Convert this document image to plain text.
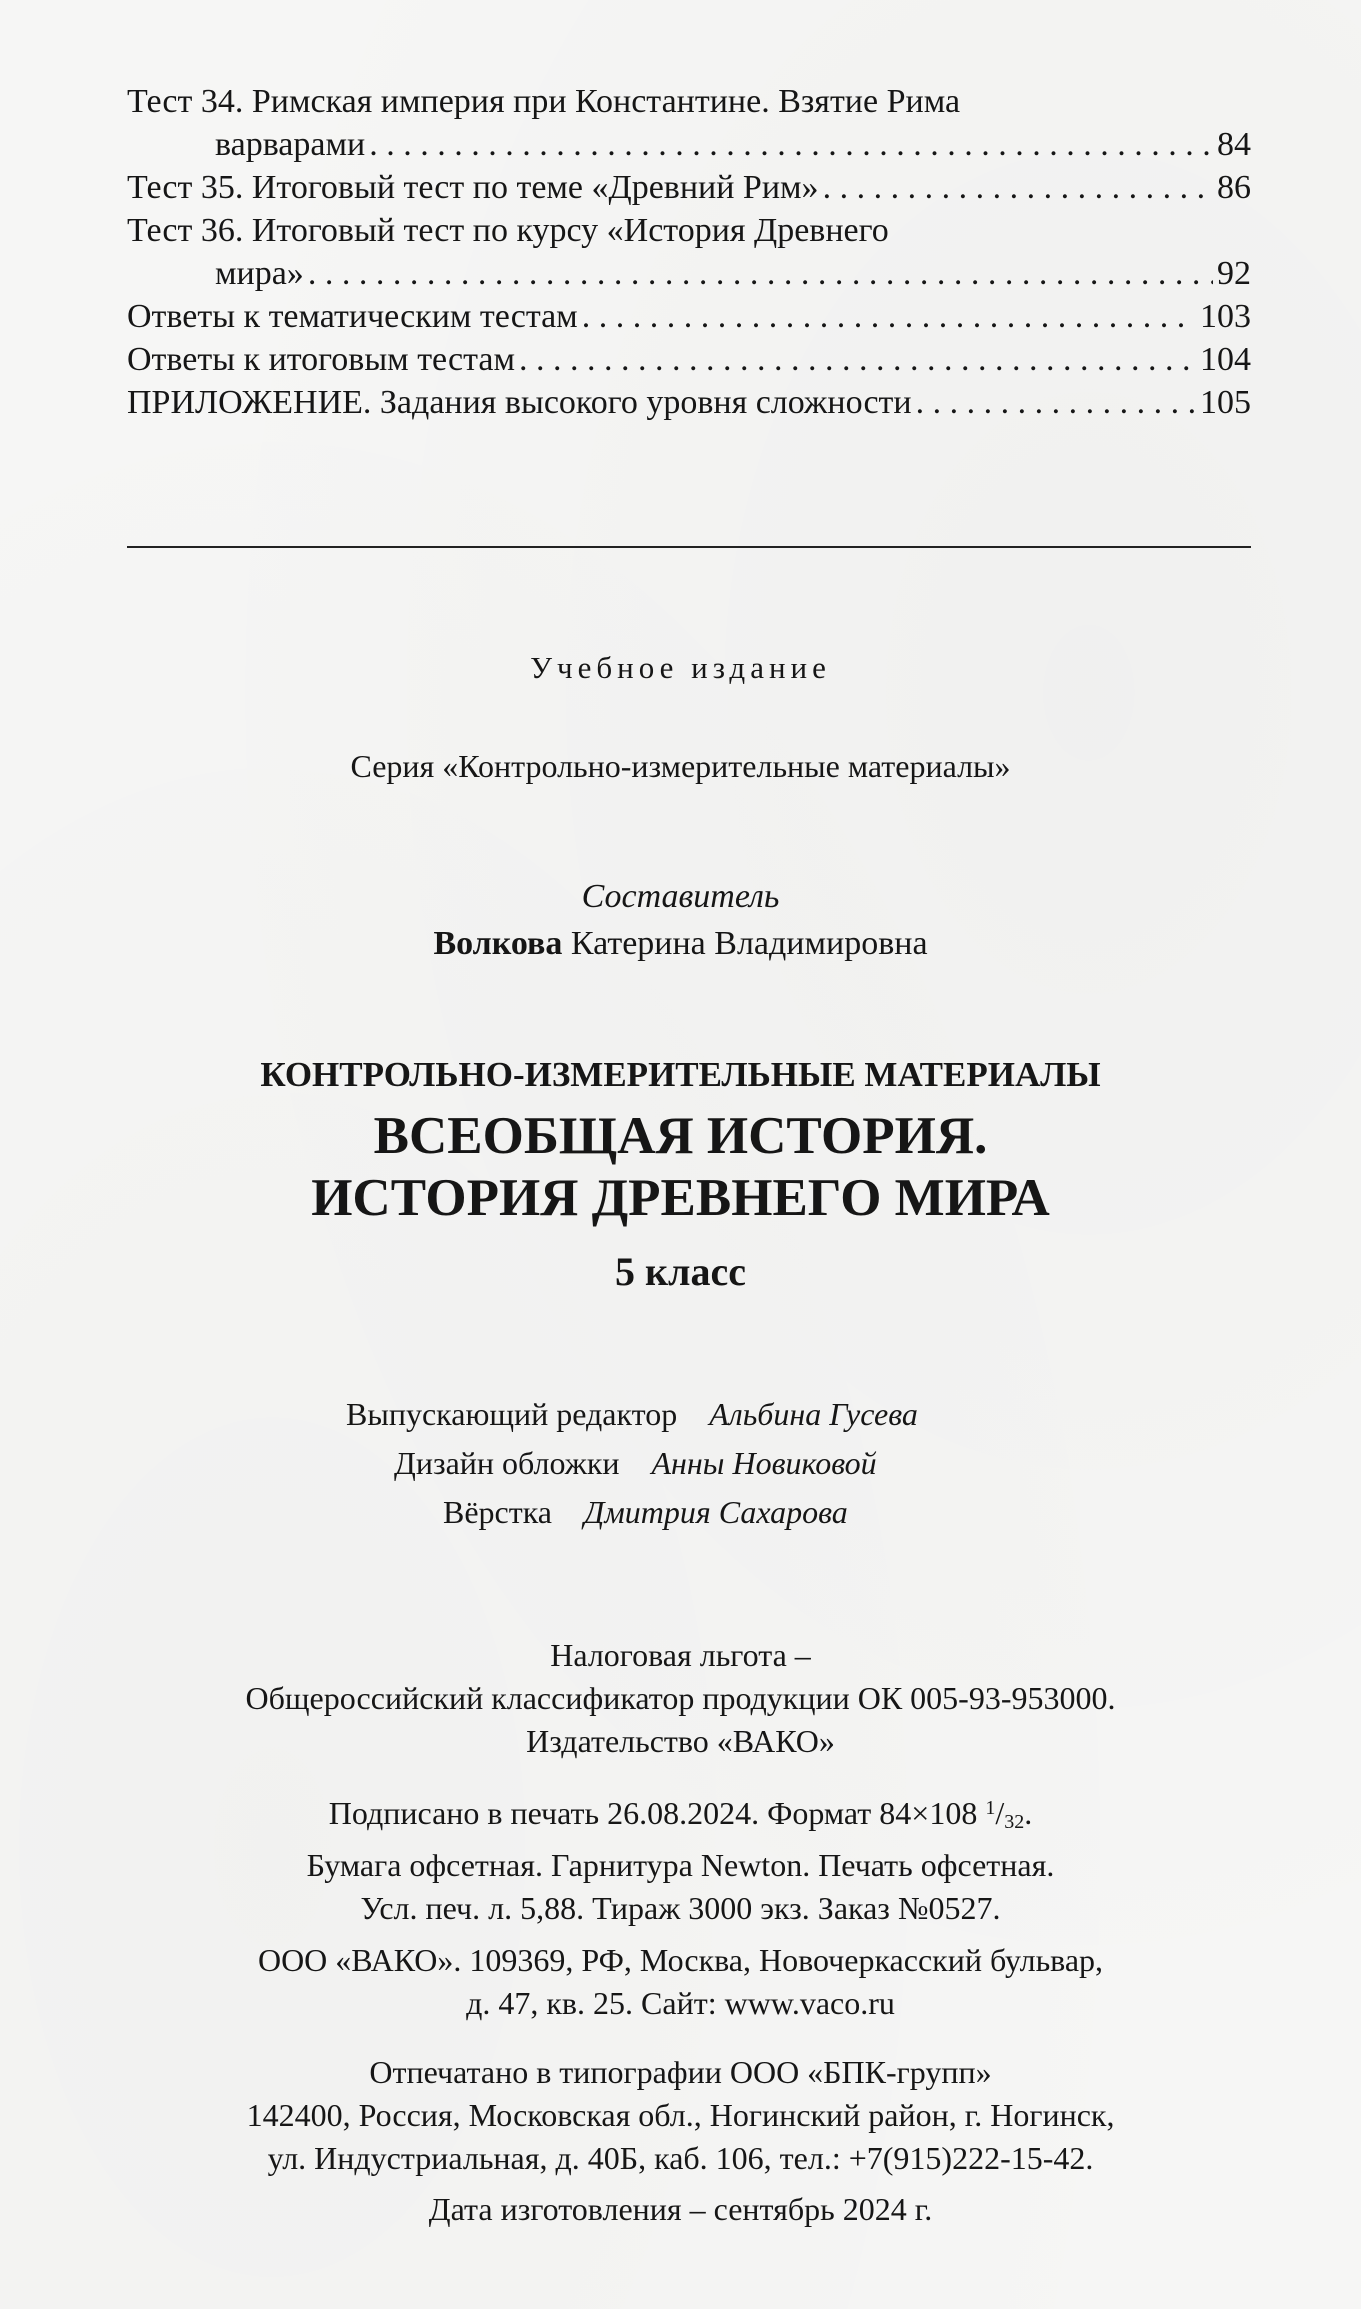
Тест 34. Римская империя при Константине. Взятие Рима
варварами . . .	84
Тест 35. Итоговый тест по теме «Древний Рим» . . .	86
Тест 36. Итоговый тест по курсу «История Древнего
мира» . . .	92
Ответы к тематическим тестам . . .	103
Ответы к итоговым тестам . . .	104
ПРИЛОЖЕНИЕ. Задания высокого уровня сложности . . .	105
Учебное издание
Серия «Контрольно-измерительные материалы»
Составитель
Волкова Катерина Владимировна
КОНТРОЛЬНО-ИЗМЕРИТЕЛЬНЫЕ МАТЕРИАЛЫ
ВСЕОБЩАЯ ИСТОРИЯ.
ИСТОРИЯ ДРЕВНЕГО МИРА
5 класс
Выпускающий редактор Альбина Гусева
Дизайн обложки Анны Новиковой
Вёрстка Дмитрия Сахарова
Налоговая льгота –
Общероссийский классификатор продукции ОК 005-93-953000.
Издательство «ВАКО»
Подписано в печать 26.08.2024. Формат 84×108 $^1/_{32}$.
Бумага офсетная. Гарнитура Newton. Печать офсетная.
Усл. печ. л. 5,88. Тираж 3000 экз. Заказ №0527.
ООО «ВАКО». 109369, РФ, Москва, Новочеркасский бульвар,
д. 47, кв. 25. Сайт: www.vaco.ru
Отпечатано в типографии ООО «БПК-групп»
142400, Россия, Московская обл., Ногинский район, г. Ногинск,
ул. Индустриальная, д. 40Б, каб. 106, тел.: +7(915)222-15-42.
Дата изготовления – сентябрь 2024 г.
